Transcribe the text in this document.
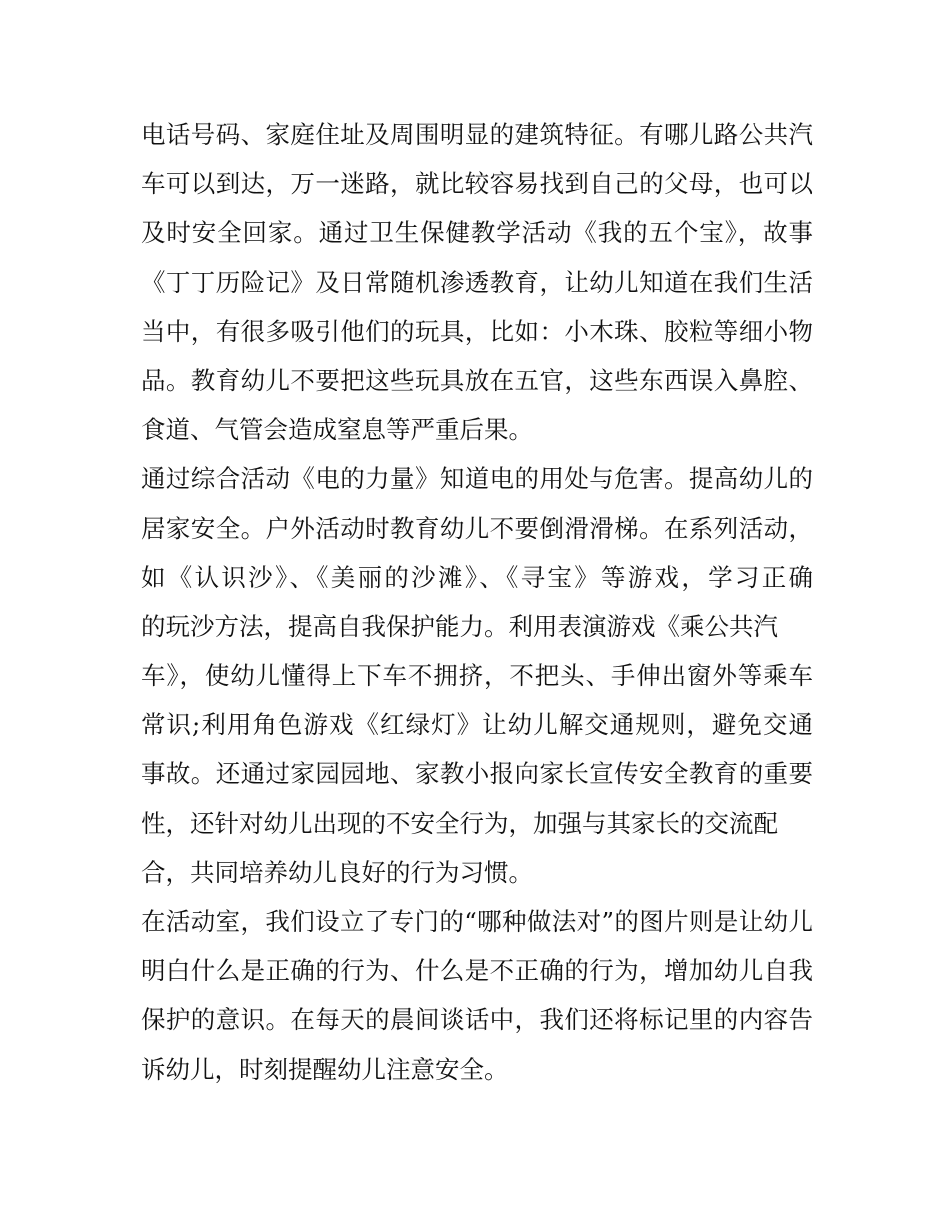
电话号码、家庭住址及周围明显的建筑特征。有哪儿路公共汽
车可以到达，万一迷路，就比较容易找到自己的父母，也可以
及时安全回家。通过卫生保健教学活动《我的五个宝》，故事
《丁丁历险记》及日常随机渗透教育，让幼儿知道在我们生活
当中，有很多吸引他们的玩具，比如：小木珠、胶粒等细小物
品。教育幼儿不要把这些玩具放在五官，这些东西误入鼻腔、
食道、气管会造成窒息等严重后果。
通过综合活动《电的力量》知道电的用处与危害。提高幼儿的
居家安全。户外活动时教育幼儿不要倒滑滑梯。在系列活动，
如《认识沙》、《美丽的沙滩》、《寻宝》等游戏，学习正确
的玩沙方法，提高自我保护能力。利用表演游戏《乘公共汽
车》，使幼儿懂得上下车不拥挤，不把头、手伸出窗外等乘车
常识;利用角色游戏《红绿灯》让幼儿解交通规则，避免交通
事故。还通过家园园地、家教小报向家长宣传安全教育的重要
性，还针对幼儿出现的不安全行为，加强与其家长的交流配
合，共同培养幼儿良好的行为习惯。
在活动室，我们设立了专门的“哪种做法对”的图片则是让幼儿
明白什么是正确的行为、什么是不正确的行为，增加幼儿自我
保护的意识。在每天的晨间谈话中，我们还将标记里的内容告
诉幼儿，时刻提醒幼儿注意安全。
